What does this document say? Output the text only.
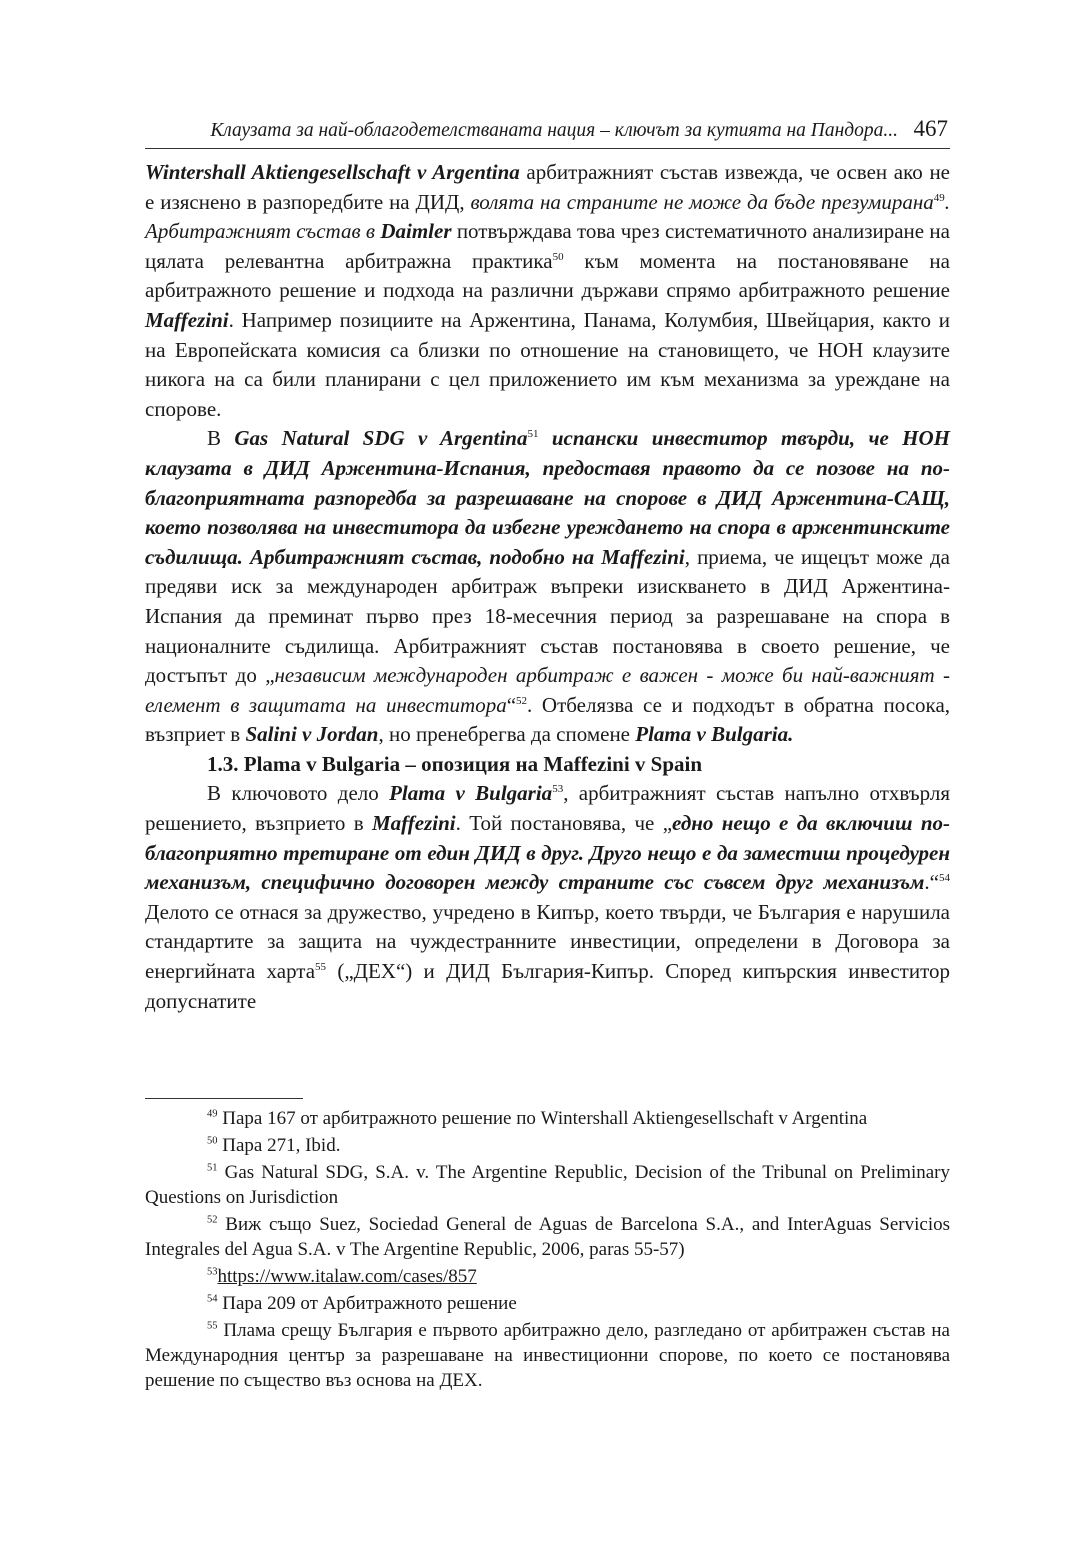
Клаузата за най-облагодетелстваната нация – ключът за кутията на Пандора... 467

Wintershall Aktiengesellschaft v Argentina арбитражният състав извежда, че освен ако не е изяснено в разпоредбите на ДИД, волята на страните не може да бъде презумирана$^{49}$. Арбитражният състав в Daimler потвърждава това чрез систематичното анализиране на цялата релевантна арбитражна практика$^{50}$ към момента на постановяване на арбитражното решение и подхода на различни държави спрямо арбитражното решение Maffezini. Например позициите на Аржентина, Панама, Колумбия, Швейцария, както и на Европейската комисия са близки по отношение на становището, че НОН клаузите никога на са били планирани с цел приложението им към механизма за уреждане на спорове.

В Gas Natural SDG v Argentina$^{51}$ испански инвеститор твърди, че НОН клаузата в ДИД Аржентина-Испания, предоставя правото да се позове на по-благоприятната разпоредба за разрешаване на спорове в ДИД Аржентина-САЩ, което позволява на инвеститора да избегне уреждането на спора в аржентинските съдилища. Арбитражният състав, подобно на Maffezini, приема, че ищецът може да предяви иск за международен арбитраж въпреки изискването в ДИД Аржентина-Испания да преминат първо през 18-месечния период за разрешаване на спора в националните съдилища. Арбитражният състав постановява в своето решение, че достъпът до „независим международен арбитраж е важен - може би най-важният - елемент в защитата на инвеститора“$^{52}$. Отбелязва се и подходът в обратна посока, възприет в Salini v Jordan, но пренебрегва да спомене Plama v Bulgaria.

1.3. Plama v Bulgaria – опозиция на Maffezini v Spain

В ключовото дело Plama v Bulgaria$^{53}$, арбитражният състав напълно отхвърля решението, възприето в Maffezini. Той постановява, че „едно нещо е да включиш по-благоприятно третиране от един ДИД в друг. Друго нещо е да заместиш процедурен механизъм, специфично договорен между страните със съвсем друг механизъм.“$^{54}$ Делото се отнася за дружество, учредено в Кипър, което твърди, че България е нарушила стандартите за защита на чуждестранните инвестиции, определени в Договора за енергийната харта$^{55}$ („ДЕХ“) и ДИД България-Кипър. Според кипърския инвеститор допуснатите

$^{49}$ Пара 167 от арбитражното решение по Wintershall Aktiengesellschaft v Argentina

$^{50}$ Пара 271, Ibid.

$^{51}$ Gas Natural SDG, S.A. v. The Argentine Republic, Decision of the Tribunal on Preliminary Questions on Jurisdiction

$^{52}$ Виж също Suez, Sociedad General de Aguas de Barcelona S.A., and InterAguas Servicios Integrales del Agua S.A. v The Argentine Republic, 2006, paras 55-57)

$^{53}$https://www.italaw.com/cases/857

$^{54}$ Пара 209 от Арбитражното решение

$^{55}$ Плама срещу България е първото арбитражно дело, разгледано от арбитражен състав на Международния център за разрешаване на инвестиционни спорове, по което се постановява решение по същество въз основа на ДЕХ.
